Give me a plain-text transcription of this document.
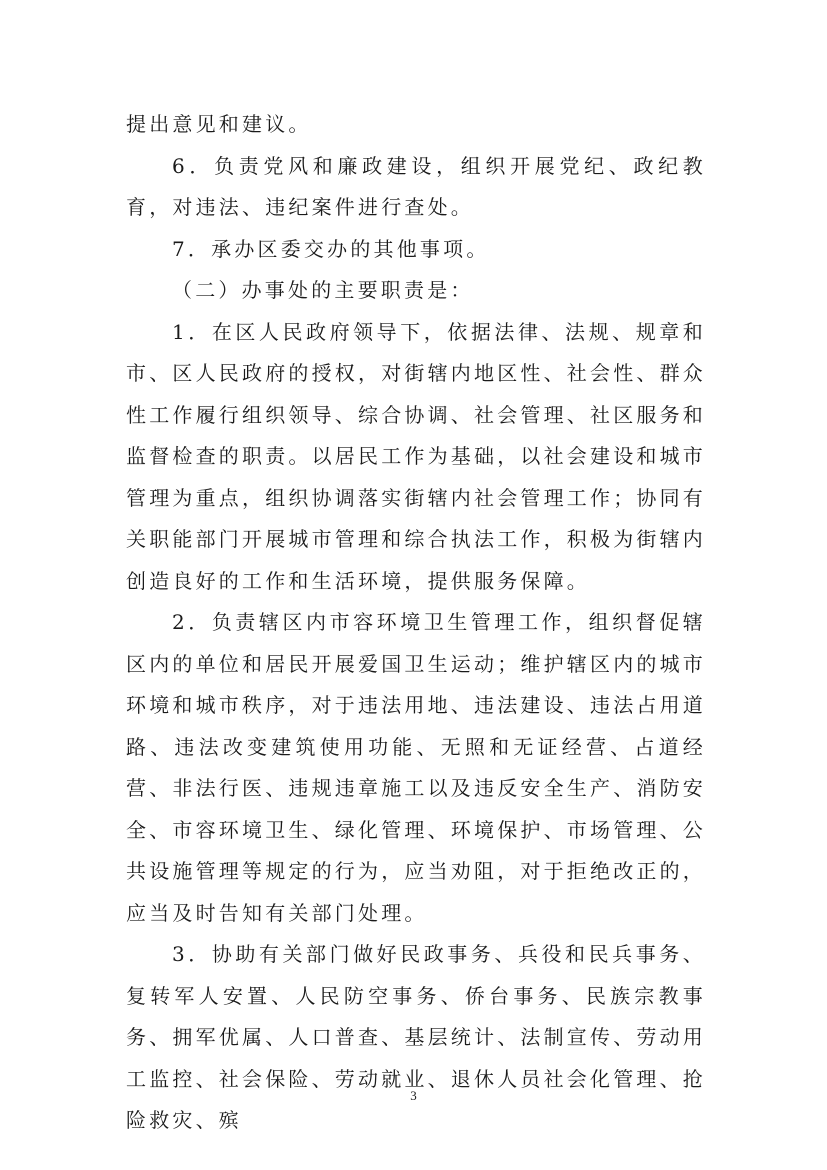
提出意见和建议。

6．负责党风和廉政建设，组织开展党纪、政纪教育，对违法、违纪案件进行查处。

7．承办区委交办的其他事项。

（二）办事处的主要职责是：

1．在区人民政府领导下，依据法律、法规、规章和市、区人民政府的授权，对街辖内地区性、社会性、群众性工作履行组织领导、综合协调、社会管理、社区服务和监督检查的职责。以居民工作为基础，以社会建设和城市管理为重点，组织协调落实街辖内社会管理工作；协同有关职能部门开展城市管理和综合执法工作，积极为街辖内创造良好的工作和生活环境，提供服务保障。

2．负责辖区内市容环境卫生管理工作，组织督促辖区内的单位和居民开展爱国卫生运动；维护辖区内的城市环境和城市秩序，对于违法用地、违法建设、违法占用道路、违法改变建筑使用功能、无照和无证经营、占道经营、非法行医、违规违章施工以及违反安全生产、消防安全、市容环境卫生、绿化管理、环境保护、市场管理、公共设施管理等规定的行为，应当劝阻，对于拒绝改正的，应当及时告知有关部门处理。

3．协助有关部门做好民政事务、兵役和民兵事务、复转军人安置、人民防空事务、侨台事务、民族宗教事务、拥军优属、人口普查、基层统计、法制宣传、劳动用工监控、社会保险、劳动就业、退休人员社会化管理、抢险救灾、殡

3
